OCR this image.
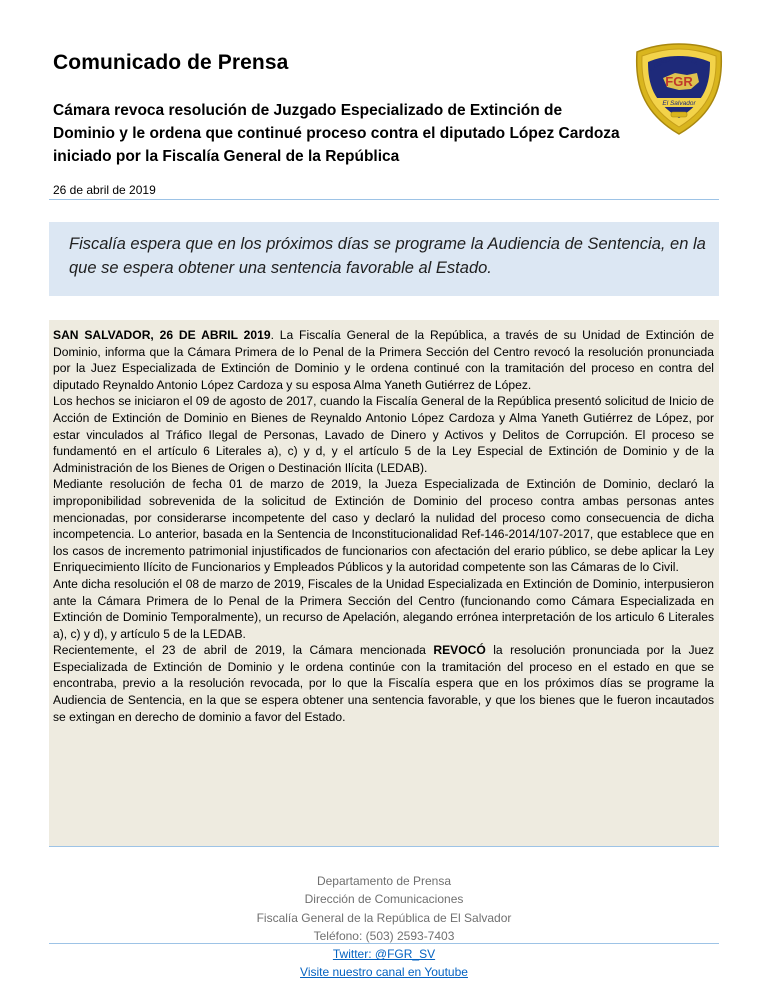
Comunicado de Prensa
Cámara revoca resolución de Juzgado Especializado de Extinción de Dominio y le ordena que continué proceso contra el diputado López Cardoza iniciado por la Fiscalía General de la República
A GENERAL DE LA REP
FGR
El Salvador
26 de abril de 2019

Fiscalía espera que en los próximos días se programe la Audiencia de Sentencia, en la que se espera obtener una sentencia favorable al Estado.

SAN SALVADOR, 26 DE ABRIL 2019. La Fiscalía General de la República, a través de su Unidad de Extinción de Dominio, informa que la Cámara Primera de lo Penal de la Primera Sección del Centro revocó la resolución pronunciada por la Juez Especializada de Extinción de Dominio y le ordena continué con la tramitación del proceso en contra del diputado Reynaldo Antonio López Cardoza y su esposa Alma Yaneth Gutiérrez de López.

Los hechos se iniciaron el 09 de agosto de 2017, cuando la Fiscalía General de la República presentó solicitud de Inicio de Acción de Extinción de Dominio en Bienes de Reynaldo Antonio López Cardoza y Alma Yaneth Gutiérrez de López, por estar vinculados al Tráfico Ilegal de Personas, Lavado de Dinero y Activos y Delitos de Corrupción. El proceso se fundamentó en el artículo 6 Literales a), c) y d, y el artículo 5 de la Ley Especial de Extinción de Dominio y de la Administración de los Bienes de Origen o Destinación Ilícita (LEDAB).

Mediante resolución de fecha 01 de marzo de 2019, la Jueza Especializada de Extinción de Dominio, declaró la improponibilidad sobrevenida de la solicitud de Extinción de Dominio del proceso contra ambas personas antes mencionadas, por considerarse incompetente del caso y declaró la nulidad del proceso como consecuencia de dicha incompetencia. Lo anterior, basada en la Sentencia de Inconstitucionalidad Ref-146-2014/107-2017, que establece que en los casos de incremento patrimonial injustificados de funcionarios con afectación del erario público, se debe aplicar la Ley Enriquecimiento Ilícito de Funcionarios y Empleados Públicos y la autoridad competente son las Cámaras de lo Civil.

Ante dicha resolución el 08 de marzo de 2019, Fiscales de la Unidad Especializada en Extinción de Dominio, interpusieron ante la Cámara Primera de lo Penal de la Primera Sección del Centro (funcionando como Cámara Especializada en Extinción de Dominio Temporalmente), un recurso de Apelación, alegando errónea interpretación de los articulo 6 Literales a), c) y d), y artículo 5 de la LEDAB.

Recientemente, el 23 de abril de 2019, la Cámara mencionada REVOCÓ la resolución pronunciada por la Juez Especializada de Extinción de Dominio y le ordena continúe con la tramitación del proceso en el estado en que se encontraba, previo a la resolución revocada, por lo que la Fiscalía espera que en los próximos días se programe la Audiencia de Sentencia, en la que se espera obtener una sentencia favorable, y que los bienes que le fueron incautados se extingan en derecho de dominio a favor del Estado.

Departamento de Prensa
Dirección de Comunicaciones
Fiscalía General de la República de El Salvador
Teléfono: (503) 2593-7403
Twitter: @FGR_SV
Visite nuestro canal en Youtube
